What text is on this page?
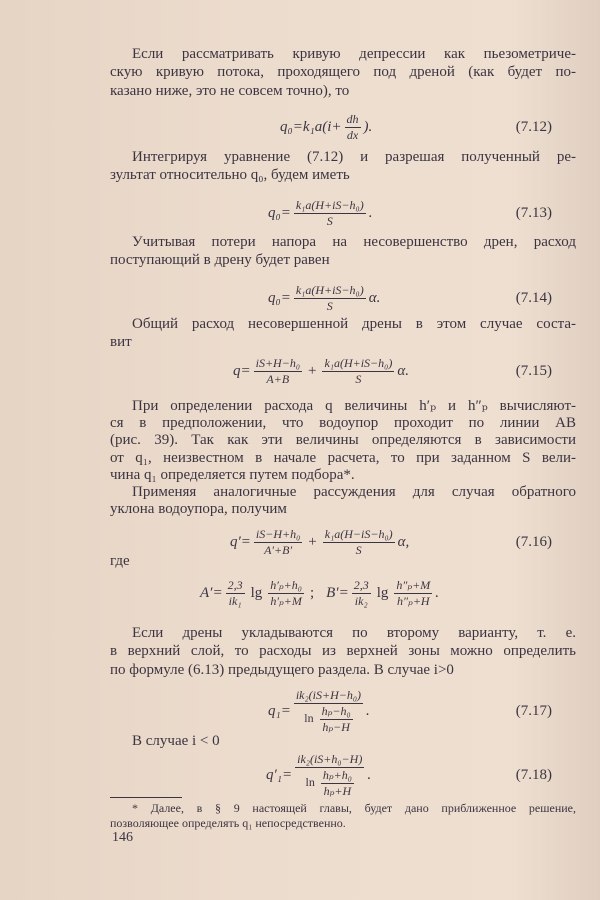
Если рассматривать кривую депрессии как пьезометриче-
скую кривую потока, проходящего под дреной (как будет по-
казано ниже, это не совсем точно), то
$q_0=k_1a(i+ \frac{dh}{dx}$ ).	(7.12)
Интегрируя уравнение (7.12) и разрешая полученный ре-
зультат относительно q₀, будем иметь
$q_0= \frac{\text{k₁a(H+iS−h₀)}}{S}$ .	(7.13)
Учитывая потери напора на несовершенство дрен, расход
поступающий в дрену будет равен
$q_0= \frac{\text{k₁a(H+iS−h₀)}}{S} \alpha$.	(7.14)
Общий расход несовершенной дрены в этом случае соста-
вит
$q= \frac{\text{iS+H−h₀}}{A+B} + \frac{\text{k₁a(H+iS−h₀)}}{S} \alpha$.	(7.15)
При определении расхода q величины h′ₚ и h″ₚ вычисляют-
ся в предположении, что водоупор проходит по линии AB
(рис. 39). Так как эти величины определяются в зависимости
от q₁, неизвестном в начале расчета, то при заданном S вели-
чина q₁ определяется путем подбора*.
Применяя аналогичные рассуждения для случая обратного
уклона водоупора, получим
$q'= \frac{\text{iS−H+h₀}}{A'+B'} + \frac{\text{k₁a(H−iS−h₀)}}{S} \alpha$,	(7.16)
где
$A'= \frac{2,3}{\text{ik₁}}$ $\lg \frac{\text{h′ₚ+h₀}}{\text{h′ₚ+M}}$ ; $B'= \frac{2,3}{\text{ik₂}}$ $\lg \frac{\text{h″ₚ+M}}{\text{h″ₚ+H}}$ .
Если дрены укладываются по второму варианту, т. е.
в верхний слой, то расходы из верхней зоны можно определить
по формуле (6.13) предыдущего раздела. В случае i>0
$q_1= \frac{\text{ik₂(iS+H−h₀)}}{\ln \frac{\text{hₚ−h₀}}{\text{hₚ−H}}}$ .	(7.17)
В случае i < 0
$q'_1= \frac{\text{ik₂(iS+h₀−H)}}{\ln \frac{\text{hₚ+h₀}}{\text{hₚ+H}}}$ .	(7.18)
* Далее, в § 9 настоящей главы, будет дано приближенное решение,
позволяющее определять q₁ непосредственно.
146
